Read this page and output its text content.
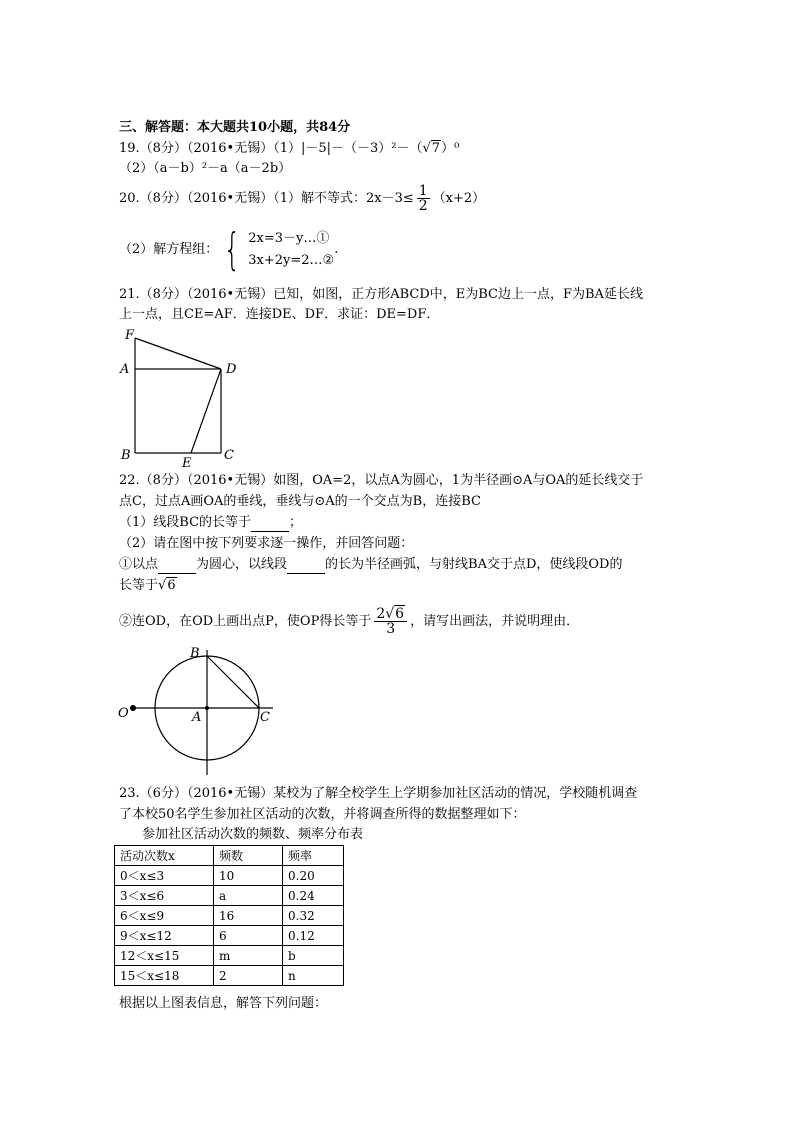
三、解答题：本大题共10小题，共84分
19.（8分）（2016•无锡）（1）|－5|－（－3）²－（√7）⁰
（2）（a－b）²－a（a－2b）
20.（8分）（2016•无锡）（1）解不等式：$2x-3\le \frac{1}{2} (x+2)$
（2）解方程组： { 2x=3－y…①
3x+2y=2…②
.
21.（8分）（2016•无锡）已知，如图，正方形ABCD中，E为BC边上一点，F为BA延长线
上一点，且CE=AF．连接DE、DF．求证：DE=DF．
F
A	D
B	C
E
22.（8分）（2016•无锡）如图，OA=2，以点A为圆心，1为半径画⊙A与OA的延长线交于
点C，过点A画OA的垂线，垂线与⊙A的一个交点为B，连接BC
（1）线段BC的长等于	；
（2）请在图中按下列要求逐一操作，并回答问题：
①以点	为圆心，以线段	的长为半径画弧，与射线BA交于点D，使线段OD的
长等于√6
②连OD，在OD上画出点P，使OP得长等于 $\frac{2√6}{3}$ ，请写出画法，并说明理由．
B
O	A	C
23.（6分）（2016•无锡）某校为了解全校学生上学期参加社区活动的情况，学校随机调查
了本校50名学生参加社区活动的次数，并将调查所得的数据整理如下：
参加社区活动次数的频数、频率分布表
活动次数x	频数	频率
0＜x≤3	10	0.20
3＜x≤6	a	0.24
6＜x≤9	16	0.32
9＜x≤12	6	0.12
12＜x≤15	m	b
15＜x≤18	2	n
根据以上图表信息，解答下列问题：
